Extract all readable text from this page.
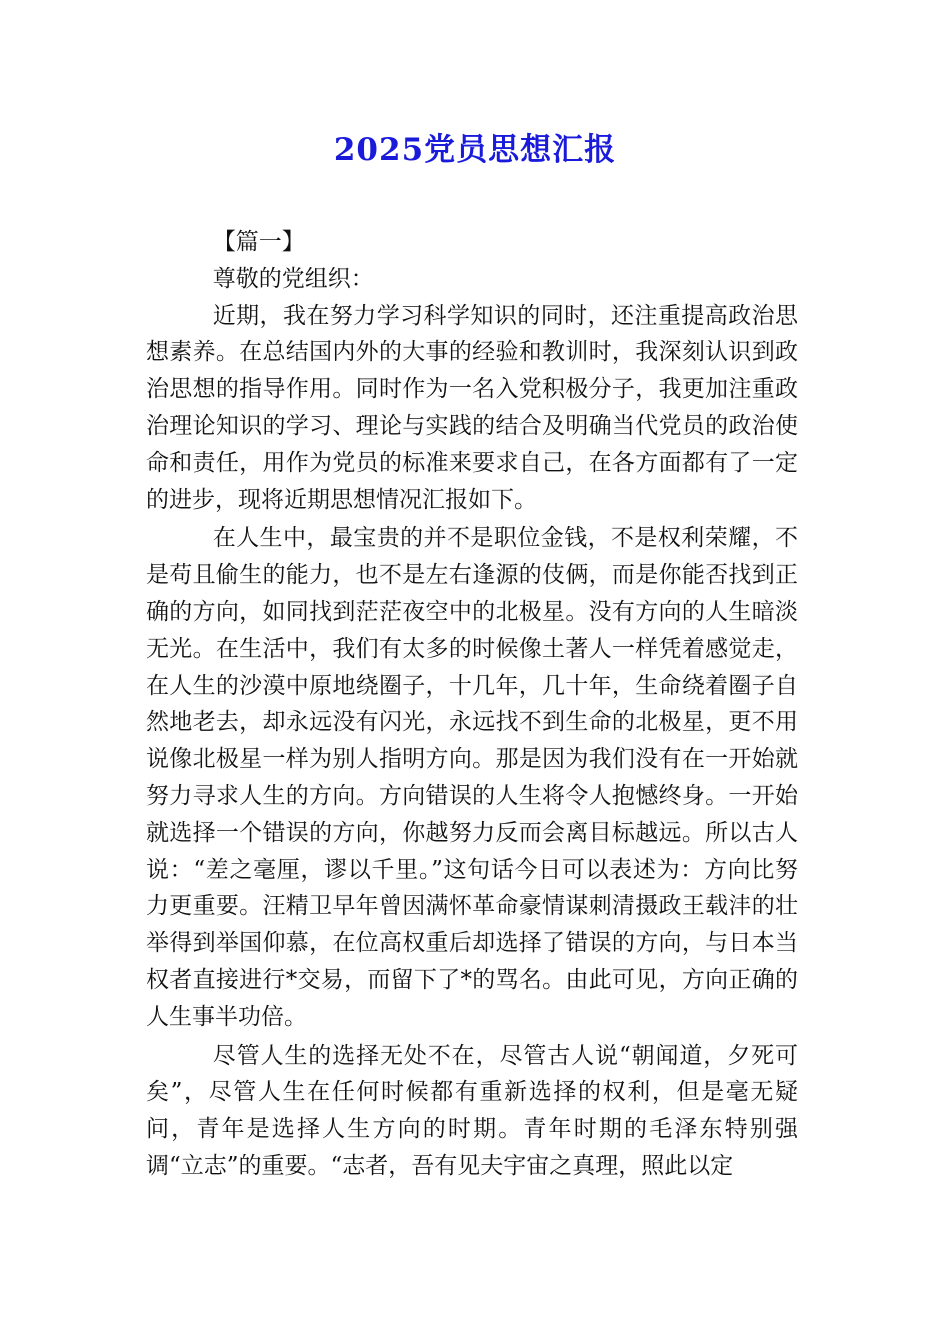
2025党员思想汇报

【篇一】

尊敬的党组织：

近期，我在努力学习科学知识的同时，还注重提高政治思想素养。在总结国内外的大事的经验和教训时，我深刻认识到政治思想的指导作用。同时作为一名入党积极分子，我更加注重政治理论知识的学习、理论与实践的结合及明确当代党员的政治使命和责任，用作为党员的标准来要求自己，在各方面都有了一定的进步，现将近期思想情况汇报如下。

在人生中，最宝贵的并不是职位金钱，不是权利荣耀，不是苟且偷生的能力，也不是左右逢源的伎俩，而是你能否找到正确的方向，如同找到茫茫夜空中的北极星。没有方向的人生暗淡无光。在生活中，我们有太多的时候像土著人一样凭着感觉走，在人生的沙漠中原地绕圈子，十几年，几十年，生命绕着圈子自然地老去，却永远没有闪光，永远找不到生命的北极星，更不用说像北极星一样为别人指明方向。那是因为我们没有在一开始就努力寻求人生的方向。方向错误的人生将令人抱憾终身。一开始就选择一个错误的方向，你越努力反而会离目标越远。所以古人说：“差之毫厘，谬以千里。”这句话今日可以表述为：方向比努力更重要。汪精卫早年曾因满怀革命豪情谋刺清摄政王载沣的壮举得到举国仰慕，在位高权重后却选择了错误的方向，与日本当权者直接进行*交易，而留下了*的骂名。由此可见，方向正确的人生事半功倍。

尽管人生的选择无处不在，尽管古人说“朝闻道，夕死可矣”，尽管人生在任何时候都有重新选择的权利，但是毫无疑问，青年是选择人生方向的时期。青年时期的毛泽东特别强调“立志”的重要。“志者，吾有见夫宇宙之真理，照此以定
